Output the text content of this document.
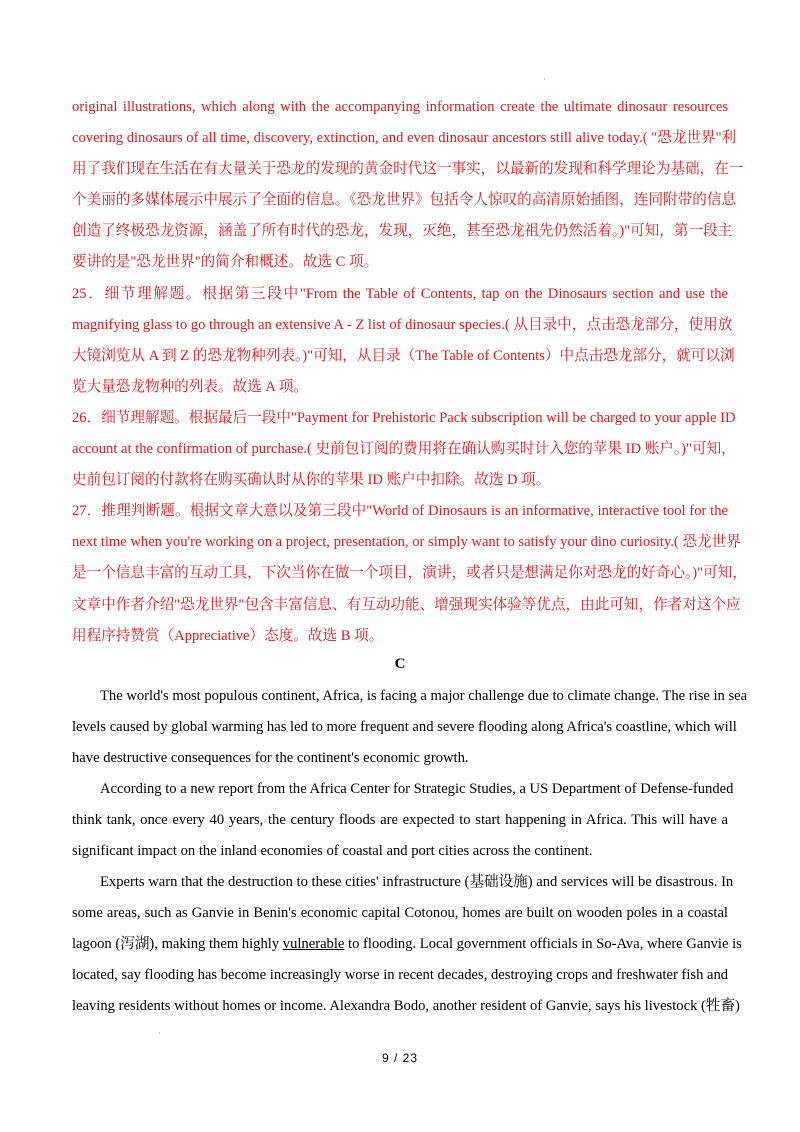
·
original illustrations, which along with the accompanying information create the ultimate dinosaur resources
covering dinosaurs of all time, discovery, extinction, and even dinosaur ancestors still alive today.( "恐龙世界"利
用了我们现在生活在有大量关于恐龙的发现的黄金时代这一事实，以最新的发现和科学理论为基础，在一
个美丽的多媒体展示中展示了全面的信息。《恐龙世界》包括令人惊叹的高清原始插图，连同附带的信息
创造了终极恐龙资源，涵盖了所有时代的恐龙，发现，灭绝，甚至恐龙祖先仍然活着。)"可知，第一段主
要讲的是"恐龙世界"的简介和概述。故选 C 项。
25．细节理解题。根据第三段中"From the Table of Contents, tap on the Dinosaurs section and use the
magnifying glass to go through an extensive A - Z list of dinosaur species.( 从目录中，点击恐龙部分，使用放
大镜浏览从 A 到 Z 的恐龙物种列表。)"可知，从目录（The Table of Contents）中点击恐龙部分，就可以浏
览大量恐龙物种的列表。故选 A 项。
26．细节理解题。根据最后一段中"Payment for Prehistoric Pack subscription will be charged to your apple ID
account at the confirmation of purchase.( 史前包订阅的费用将在确认购买时计入您的苹果 ID 账户。)"可知，
史前包订阅的付款将在购买确认时从你的苹果 ID 账户中扣除。故选 D 项。
27．推理判断题。根据文章大意以及第三段中"World of Dinosaurs is an informative, interactive tool for the
next time when you're working on a project, presentation, or simply want to satisfy your dino curiosity.( 恐龙世界
是一个信息丰富的互动工具，下次当你在做一个项目，演讲，或者只是想满足你对恐龙的好奇心。)"可知，
文章中作者介绍"恐龙世界"包含丰富信息、有互动功能、增强现实体验等优点，由此可知，作者对这个应
用程序持赞赏（Appreciative）态度。故选 B 项。
C
The world's most populous continent, Africa, is facing a major challenge due to climate change. The rise in sea
levels caused by global warming has led to more frequent and severe flooding along Africa's coastline, which will
have destructive consequences for the continent's economic growth.
According to a new report from the Africa Center for Strategic Studies, a US Department of Defense-funded
think tank, once every 40 years, the century floods are expected to start happening in Africa. This will have a
significant impact on the inland economies of coastal and port cities across the continent.
Experts warn that the destruction to these cities' infrastructure (基础设施) and services will be disastrous. In
some areas, such as Ganvie in Benin's economic capital Cotonou, homes are built on wooden poles in a coastal
lagoon (泻湖), making them highly vulnerable to flooding. Local government officials in So-Ava, where Ganvie is
located, say flooding has become increasingly worse in recent decades, destroying crops and freshwater fish and
leaving residents without homes or income. Alexandra Bodo, another resident of Ganvie, says his livestock (牲畜)
·
9 / 23
